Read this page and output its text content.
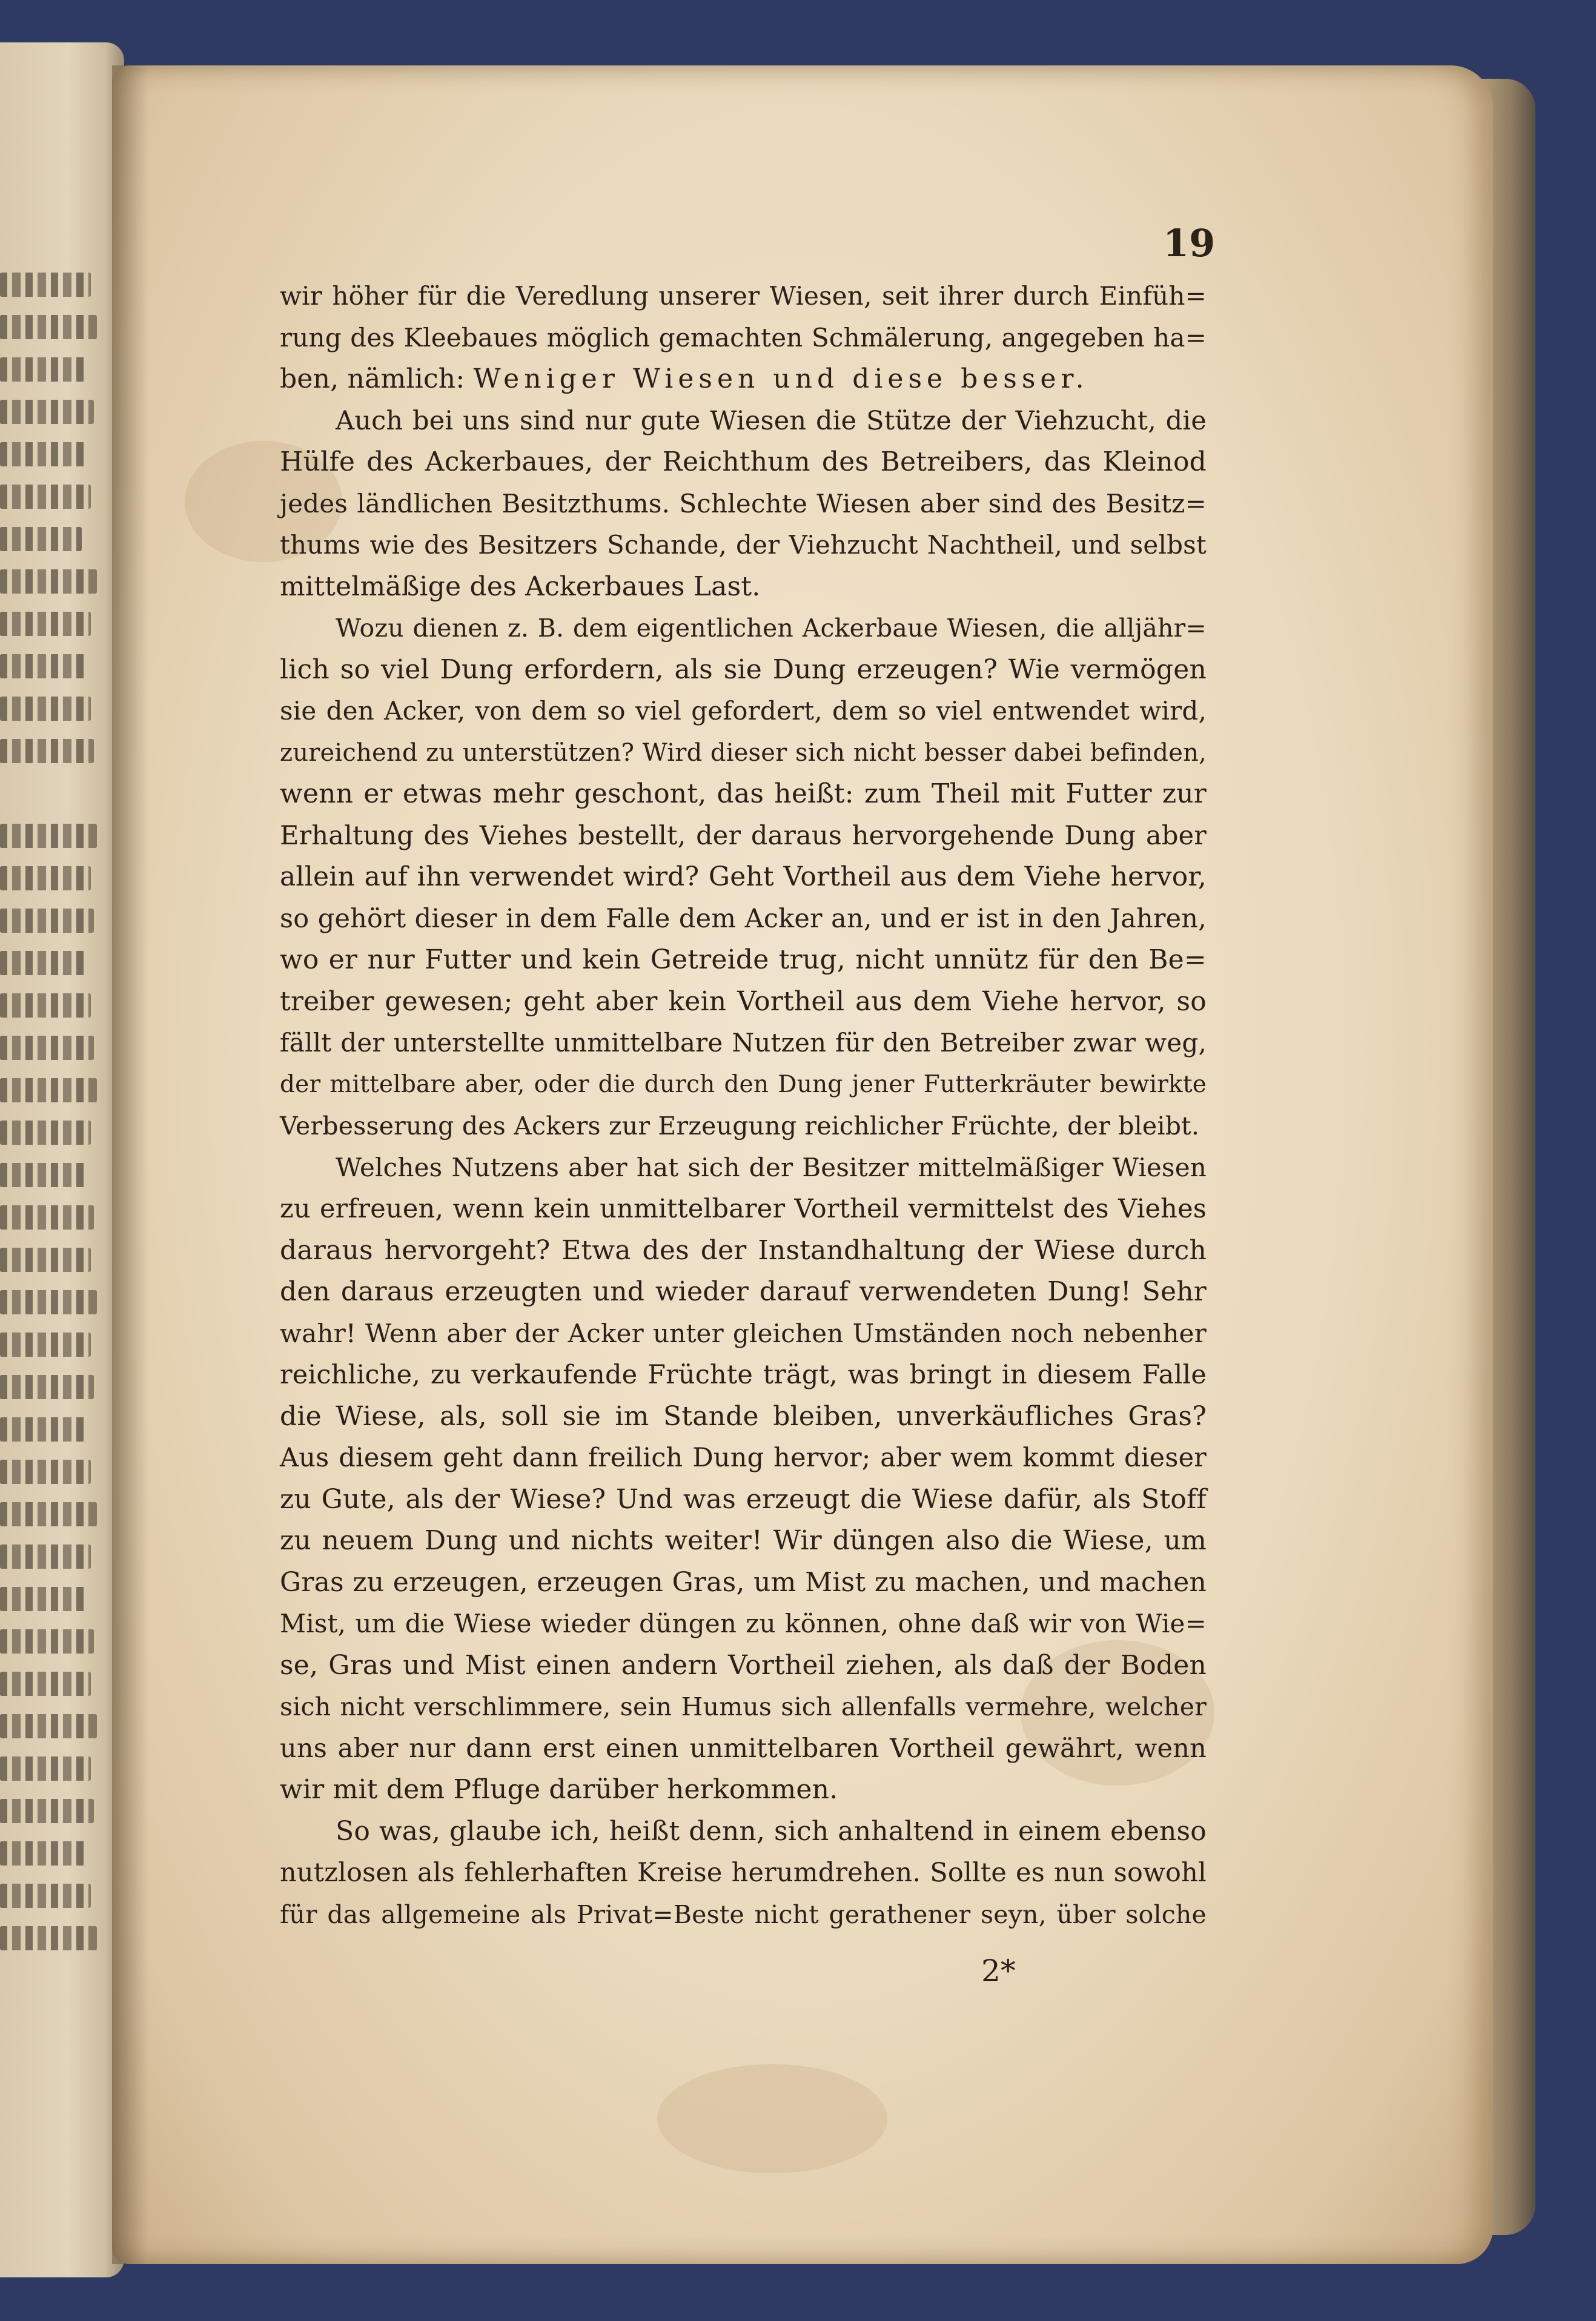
19
wir höher für die Veredlung unserer Wiesen, seit ihrer durch Einfüh=
rung des Kleebaues möglich gemachten Schmälerung, angegeben ha=
ben, nämlich: Weniger Wiesen und diese besser.
Auch bei uns sind nur gute Wiesen die Stütze der Viehzucht, die
Hülfe des Ackerbaues, der Reichthum des Betreibers, das Kleinod
jedes ländlichen Besitzthums. Schlechte Wiesen aber sind des Besitz=
thums wie des Besitzers Schande, der Viehzucht Nachtheil, und selbst
mittelmäßige des Ackerbaues Last.
Wozu dienen z. B. dem eigentlichen Ackerbaue Wiesen, die alljähr=
lich so viel Dung erfordern, als sie Dung erzeugen? Wie vermögen
sie den Acker, von dem so viel gefordert, dem so viel entwendet wird,
zureichend zu unterstützen? Wird dieser sich nicht besser dabei befinden,
wenn er etwas mehr geschont, das heißt: zum Theil mit Futter zur
Erhaltung des Viehes bestellt, der daraus hervorgehende Dung aber
allein auf ihn verwendet wird? Geht Vortheil aus dem Viehe hervor,
so gehört dieser in dem Falle dem Acker an, und er ist in den Jahren,
wo er nur Futter und kein Getreide trug, nicht unnütz für den Be=
treiber gewesen; geht aber kein Vortheil aus dem Viehe hervor, so
fällt der unterstellte unmittelbare Nutzen für den Betreiber zwar weg,
der mittelbare aber, oder die durch den Dung jener Futterkräuter bewirkte
Verbesserung des Ackers zur Erzeugung reichlicher Früchte, der bleibt.
Welches Nutzens aber hat sich der Besitzer mittelmäßiger Wiesen
zu erfreuen, wenn kein unmittelbarer Vortheil vermittelst des Viehes
daraus hervorgeht? Etwa des der Instandhaltung der Wiese durch
den daraus erzeugten und wieder darauf verwendeten Dung! Sehr
wahr! Wenn aber der Acker unter gleichen Umständen noch nebenher
reichliche, zu verkaufende Früchte trägt, was bringt in diesem Falle
die Wiese, als, soll sie im Stande bleiben, unverkäufliches Gras?
Aus diesem geht dann freilich Dung hervor; aber wem kommt dieser
zu Gute, als der Wiese? Und was erzeugt die Wiese dafür, als Stoff
zu neuem Dung und nichts weiter! Wir düngen also die Wiese, um
Gras zu erzeugen, erzeugen Gras, um Mist zu machen, und machen
Mist, um die Wiese wieder düngen zu können, ohne daß wir von Wie=
se, Gras und Mist einen andern Vortheil ziehen, als daß der Boden
sich nicht verschlimmere, sein Humus sich allenfalls vermehre, welcher
uns aber nur dann erst einen unmittelbaren Vortheil gewährt, wenn
wir mit dem Pfluge darüber herkommen.
So was, glaube ich, heißt denn, sich anhaltend in einem ebenso
nutzlosen als fehlerhaften Kreise herumdrehen. Sollte es nun sowohl
für das allgemeine als Privat=Beste nicht gerathener seyn, über solche
2*
